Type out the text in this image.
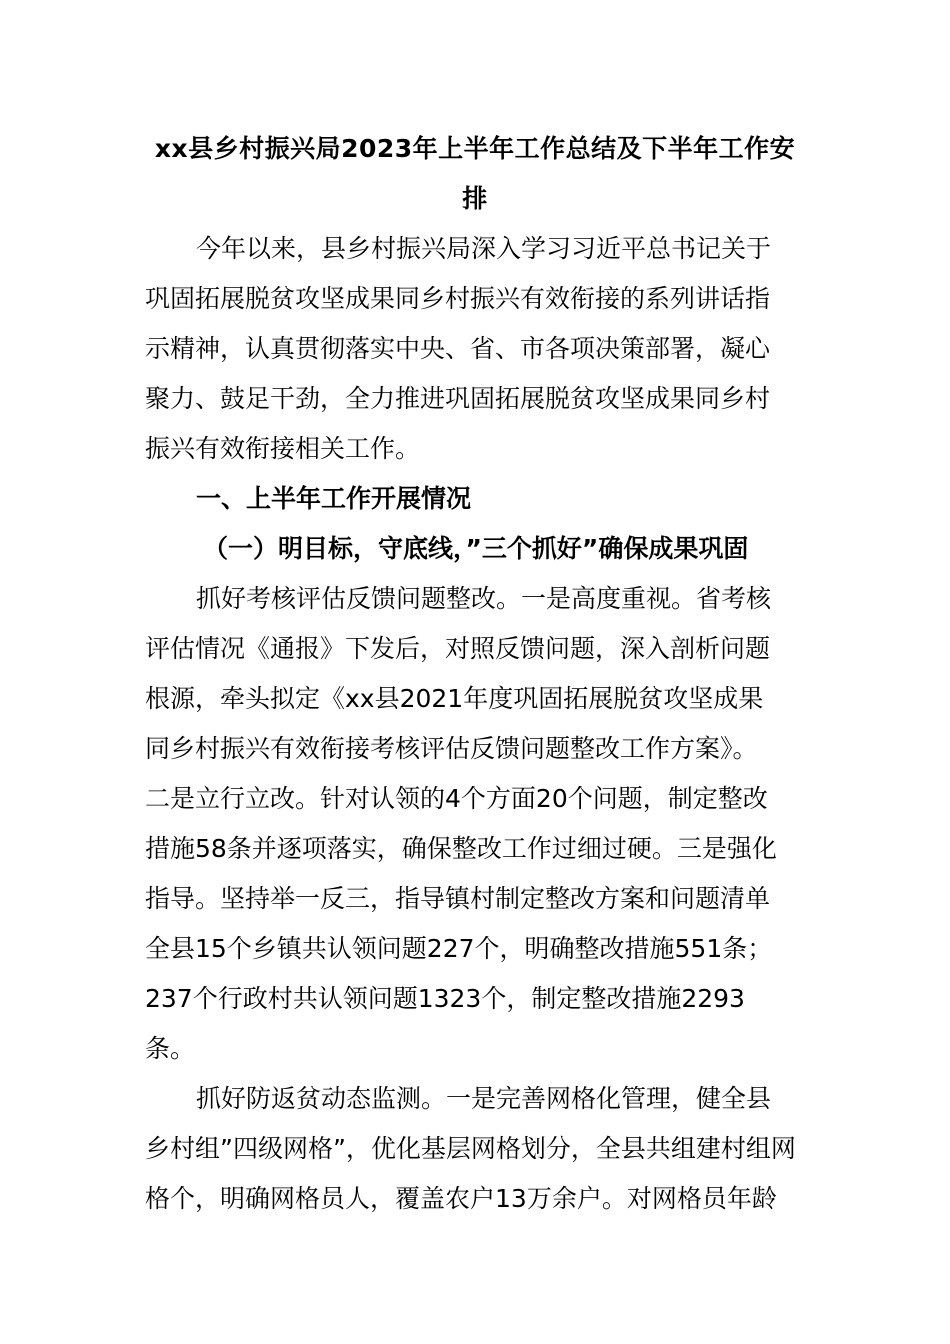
xx县乡村振兴局2023年上半年工作总结及下半年工作安
排
今年以来，县乡村振兴局深入学习习近平总书记关于
巩固拓展脱贫攻坚成果同乡村振兴有效衔接的系列讲话指
示精神，认真贯彻落实中央、省、市各项决策部署，凝心
聚力、鼓足干劲，全力推进巩固拓展脱贫攻坚成果同乡村
振兴有效衔接相关工作。
一、上半年工作开展情况
（一）明目标，守底线，”三个抓好”确保成果巩固
抓好考核评估反馈问题整改。一是高度重视。省考核
评估情况《通报》下发后，对照反馈问题，深入剖析问题
根源，牵头拟定《xx县2021年度巩固拓展脱贫攻坚成果
同乡村振兴有效衔接考核评估反馈问题整改工作方案》。
二是立行立改。针对认领的4个方面20个问题，制定整改
措施58条并逐项落实，确保整改工作过细过硬。三是强化
指导。坚持举一反三，指导镇村制定整改方案和问题清单
全县15个乡镇共认领问题227个，明确整改措施551条；
237个行政村共认领问题1323个，制定整改措施2293
条。
抓好防返贫动态监测。一是完善网格化管理，健全县
乡村组”四级网格”，优化基层网格划分，全县共组建村组网
格个，明确网格员人，覆盖农户13万余户。对网格员年龄
